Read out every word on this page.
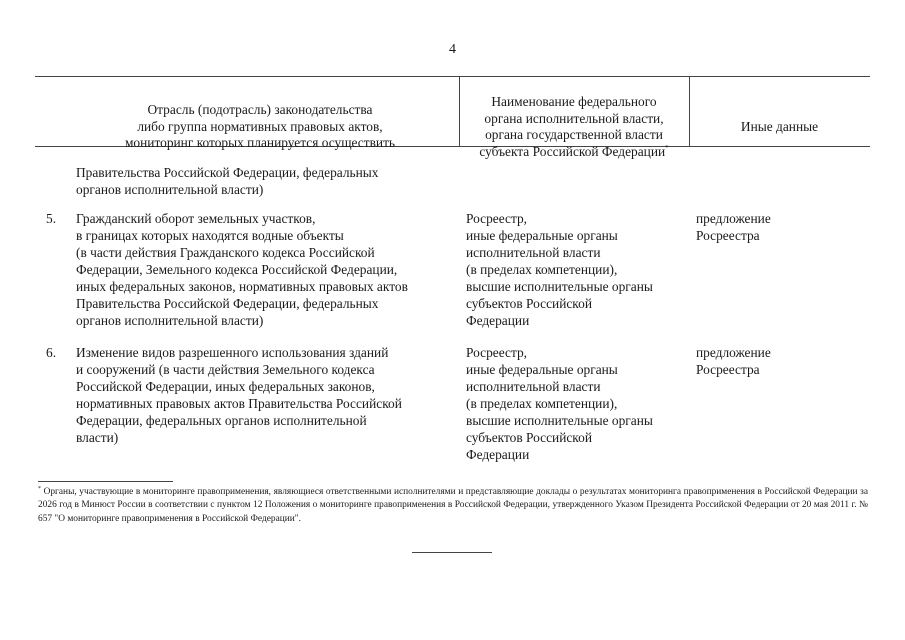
4

Отрасль (подотрасль) законодательства
либо группа нормативных правовых актов,
мониторинг которых планируется осуществить

Наименование федерального
органа исполнительной власти,
органа государственной власти
субъекта Российской Федерации*

Иные данные

Правительства Российской Федерации, федеральных
органов исполнительной власти)
5. Гражданский оборот земельных участков,
в границах которых находятся водные объекты
(в части действия Гражданского кодекса Российской
Федерации, Земельного кодекса Российской Федерации,
иных федеральных законов, нормативных правовых актов
Правительства Российской Федерации, федеральных
органов исполнительной власти)
Росреестр,
иные федеральные органы
исполнительной власти
(в пределах компетенции),
высшие исполнительные органы
субъектов Российской
Федерации
предложение
Росреестра
6. Изменение видов разрешенного использования зданий
и сооружений (в части действия Земельного кодекса
Российской Федерации, иных федеральных законов,
нормативных правовых актов Правительства Российской
Федерации, федеральных органов исполнительной
власти)
Росреестр,
иные федеральные органы
исполнительной власти
(в пределах компетенции),
высшие исполнительные органы
субъектов Российской
Федерации
предложение
Росреестра
* Органы, участвующие в мониторинге правоприменения, являющиеся ответственными исполнителями и представляющие доклады о результатах мониторинга правоприменения в Российской Федерации за 2026 год в Минюст России в соответствии с пунктом 12 Положения о мониторинге правоприменения в Российской Федерации, утвержденного Указом Президента Российской Федерации от 20 мая 2011 г. № 657 "О мониторинге правоприменения в Российской Федерации".
